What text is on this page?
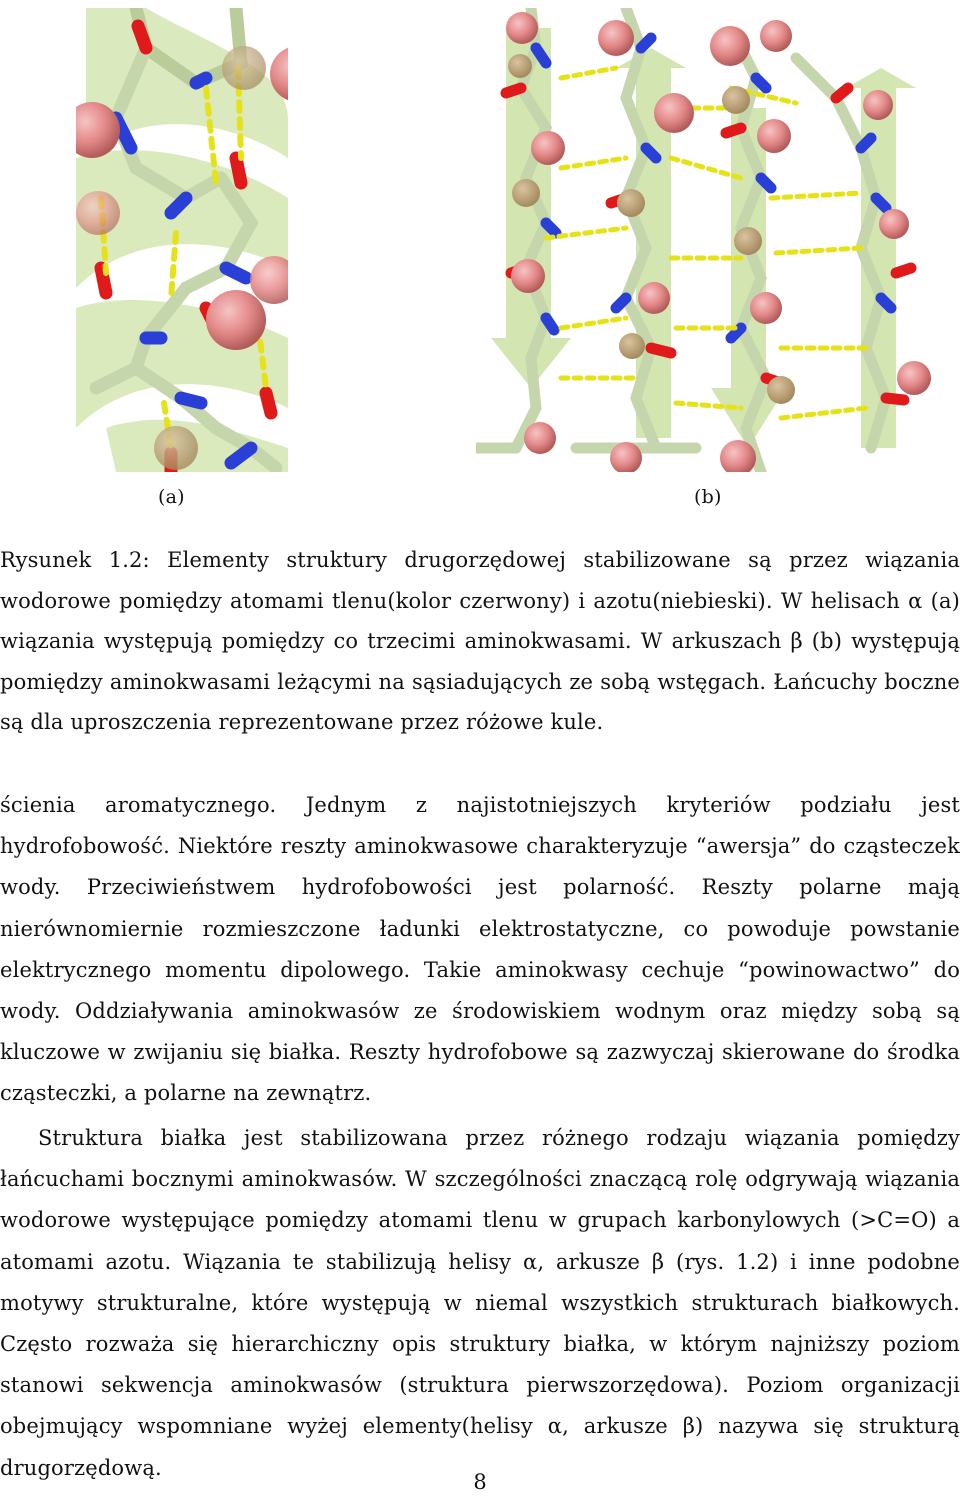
(a)	(b)
Rysunek 1.2: Elementy struktury drugorzędowej stabilizowane są przez wiązania wodorowe pomiędzy atomami tlenu(kolor czerwony) i azotu(niebieski). W helisach α (a) wiązania występują pomiędzy co trzecimi aminokwasami. W arkuszach β (b) występują pomiędzy aminokwasami leżącymi na sąsiadujących ze sobą wstęgach. Łańcuchy boczne są dla uproszczenia reprezentowane przez różowe kule.
ścienia aromatycznego. Jednym z najistotniejszych kryteriów podziału jest hydrofobowość. Niektóre reszty aminokwasowe charakteryzuje “awersja” do cząsteczek wody. Przeciwieństwem hydrofobowości jest polarność. Reszty polarne mają nierównomiernie rozmieszczone ładunki elektrostatyczne, co powoduje powstanie elektrycznego momentu dipolowego. Takie aminokwasy cechuje “powinowactwo” do wody. Oddziaływania aminokwasów ze środowiskiem wodnym oraz między sobą są kluczowe w zwijaniu się białka. Reszty hydrofobowe są zazwyczaj skierowane do środka cząsteczki, a polarne na zewnątrz.
Struktura białka jest stabilizowana przez różnego rodzaju wiązania pomiędzy łańcuchami bocznymi aminokwasów. W szczególności znaczącą rolę odgrywają wiązania wodorowe występujące pomiędzy atomami tlenu w grupach karbonylowych (>C=O) a atomami azotu. Wiązania te stabilizują helisy α, arkusze β (rys. 1.2) i inne podobne motywy strukturalne, które występują w niemal wszystkich strukturach białkowych. Często rozważa się hierarchiczny opis struktury białka, w którym najniższy poziom stanowi sekwencja aminokwasów (struktura pierwszorzędowa). Poziom organizacji obejmujący wspomniane wyżej elementy(helisy α, arkusze β) nazywa się strukturą drugorzędową.
8
